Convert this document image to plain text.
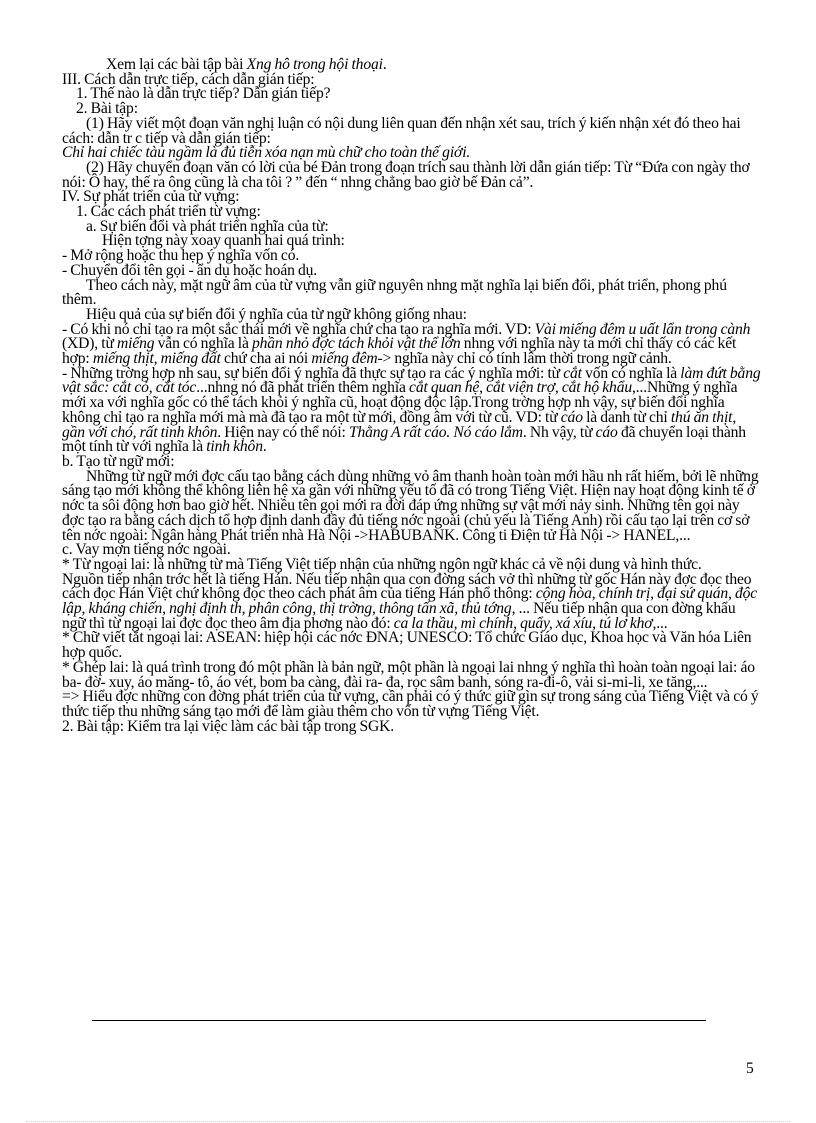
Xem lại các bài tập bài Xng hô trong hội thoại.

III. Cách dẫn trực tiếp, cách dẫn gián tiếp:

1. Thế nào là dẫn trực tiếp? Dẫn gián tiếp?

2. Bài tập:

(1) Hãy viết một đoạn văn nghị luận có nội dung liên quan đến nhận xét sau, trích ý kiến nhận xét đó theo hai cách: dẫn tr c tiếp và dẫn gián tiếp:

Chỉ hai chiếc tàu ngầm là đủ tiễn xóa nạn mù chữ cho toàn thế giới.

(2) Hãy chuyển đoạn văn có lời của bé Đản trong đoạn trích sau thành lời dẫn gián tiếp: Từ “Đứa con ngày thơ nói: Ô hay, thế ra ông cũng là cha tôi ? ” đến “ nhng chẳng bao giờ bế Đản cả”.

IV. Sự phát triển của từ vựng:

1. Các cách phát triển từ vựng:

a. Sự biến đổi và phát triển nghĩa của từ:

Hiện tợng này xoay quanh hai quá trình:

- Mở rộng hoặc thu hẹp ý nghĩa vốn có.

- Chuyển đổi tên gọi - ẩn dụ hoặc hoán dụ.

Theo cách này, mặt ngữ âm của từ vựng vẫn giữ nguyên nhng mặt nghĩa lại biến đổi, phát triển, phong phú thêm.

Hiệu quả của sự biến đổi ý nghĩa của từ ngữ không giống nhau:

- Có khi nó chỉ tạo ra một sắc thái mới về nghĩa chứ cha tạo ra nghĩa mới. VD: Vài miếng đêm u uất lẩn trong cành (XD), từ miếng vẫn có nghĩa là phần nhỏ đợc tách khỏi vật thể lớn nhng với nghĩa này ta mới chỉ thấy có các kết hợp: miếng thịt, miếng đất chứ cha ai nói miếng đêm-> nghĩa này chỉ có tính lâm thời trong ngữ cảnh.

- Những trờng hợp nh sau, sự biến đổi ý nghĩa đã thực sự tạo ra các ý nghĩa mới: từ cắt vốn có nghĩa là làm đứt bằng vật sắc: cắt cỏ, cắt tóc...nhng nó đã phát triển thêm nghĩa cắt quan hệ, cắt viện trợ, cắt hộ khẩu,...Những ý nghĩa mới xa với nghĩa gốc có thể tách khỏi ý nghĩa cũ, hoạt động độc lập.Trong trờng hợp nh vậy, sự biến đổi nghĩa không chỉ tạo ra nghĩa mới mà mà đã tạo ra một từ mới, đồng âm với từ cũ. VD: từ cáo là danh từ chỉ thú ăn thịt, gần với chó, rất tinh khôn. Hiện nay có thể nói: Thằng A rất cáo. Nó cáo lắm. Nh vậy, từ cáo đã chuyển loại thành một tính từ với nghĩa là tinh khôn.

b. Tạo từ ngữ mới:

Những từ ngữ mới đợc cấu tạo bằng cách dùng những vỏ âm thanh hoàn toàn mới hầu nh rất hiếm, bởi lẽ những sáng tạo mới không thể không liên hệ xa gần với những yếu tố đã có trong Tiếng Việt. Hiện nay hoạt động kinh tế ở nớc ta sôi động hơn bao giờ hết. Nhiều tên gọi mới ra đời đáp ứng những sự vật mới nảy sinh. Những tên gọi này đợc tạo ra bằng cách dịch tổ hợp định danh đầy đủ tiếng nớc ngoài (chủ yếu là Tiếng Anh) rồi cấu tạo lại trên cơ sở tên nớc ngoài: Ngân hàng Phát triển nhà Hà Nội ->HABUBANK. Công ti Điện tử Hà Nội -> HANEL,...

c. Vay mợn tiếng nớc ngoài.

* Từ ngoại lai: là những từ mà Tiếng Việt tiếp nhận của những ngôn ngữ khác cả về nội dung và hình thức.

Nguồn tiếp nhận trớc hết là tiếng Hán. Nếu tiếp nhận qua con đờng sách vở thì những từ gốc Hán này đợc đọc theo cách đọc Hán Việt chứ không đọc theo cách phát âm của tiếng Hán phổ thông: cộng hòa, chính trị, đại sứ quán, độc lập, kháng chiến, nghị định th, phân công, thị trờng, thông tấn xã, thủ tớng, ... Nếu tiếp nhận qua con đờng khẩu ngữ thì từ ngoại lai đợc đọc theo âm địa phơng nào đó: ca la thầu, mì chính, quẩy, xá xíu, tú lơ khơ,...

* Chữ viết tắt ngoại lai: ASEAN: hiệp hội các nớc ĐNA; UNESCO: Tổ chức Giáo dục, Khoa học và Văn hóa Liên hợp quốc.

* Ghép lai: là quá trình trong đó một phần là bản ngữ, một phần là ngoại lai nhng ý nghĩa thì hoàn toàn ngoại lai: áo ba- đờ- xuy, áo măng- tô, áo vét, bom ba càng, đài ra- đa, rọc sâm banh, sóng ra-đi-ô, vải si-mi-li, xe tăng,...

=> Hiểu đợc những con đờng phát triển của từ vựng, cần phải có ý thức giữ gìn sự trong sáng của Tiếng Việt và có ý thức tiếp thu những sáng tạo mới để làm giàu thêm cho vốn từ vựng Tiếng Việt.

2. Bài tập: Kiểm tra lại việc làm các bài tập trong SGK.

5
